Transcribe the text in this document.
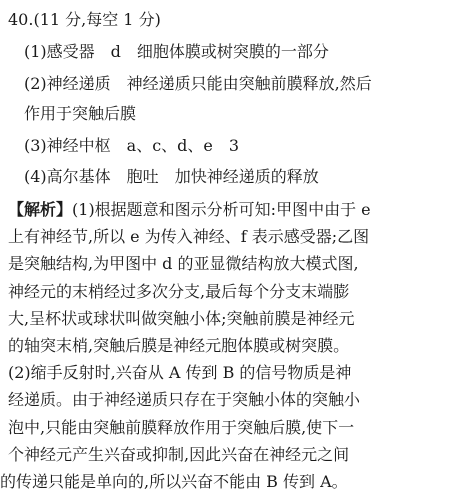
40.(11 分,每空 1 分)
(1)感受器 d 细胞体膜或树突膜的一部分
(2)神经递质 神经递质只能由突触前膜释放,然后
作用于突触后膜
(3)神经中枢 a、c、d、e 3
(4)高尔基体 胞吐 加快神经递质的释放
【解析】(1)根据题意和图示分析可知:甲图中由于 e
上有神经节,所以 e 为传入神经、f 表示感受器;乙图
是突触结构,为甲图中 d 的亚显微结构放大模式图,
神经元的末梢经过多次分支,最后每个分支末端膨
大,呈杯状或球状叫做突触小体;突触前膜是神经元
的轴突末梢,突触后膜是神经元胞体膜或树突膜。
(2)缩手反射时,兴奋从 A 传到 B 的信号物质是神
经递质。由于神经递质只存在于突触小体的突触小
泡中,只能由突触前膜释放作用于突触后膜,使下一
个神经元产生兴奋或抑制,因此兴奋在神经元之间
的传递只能是单向的,所以兴奋不能由 B 传到 A。
